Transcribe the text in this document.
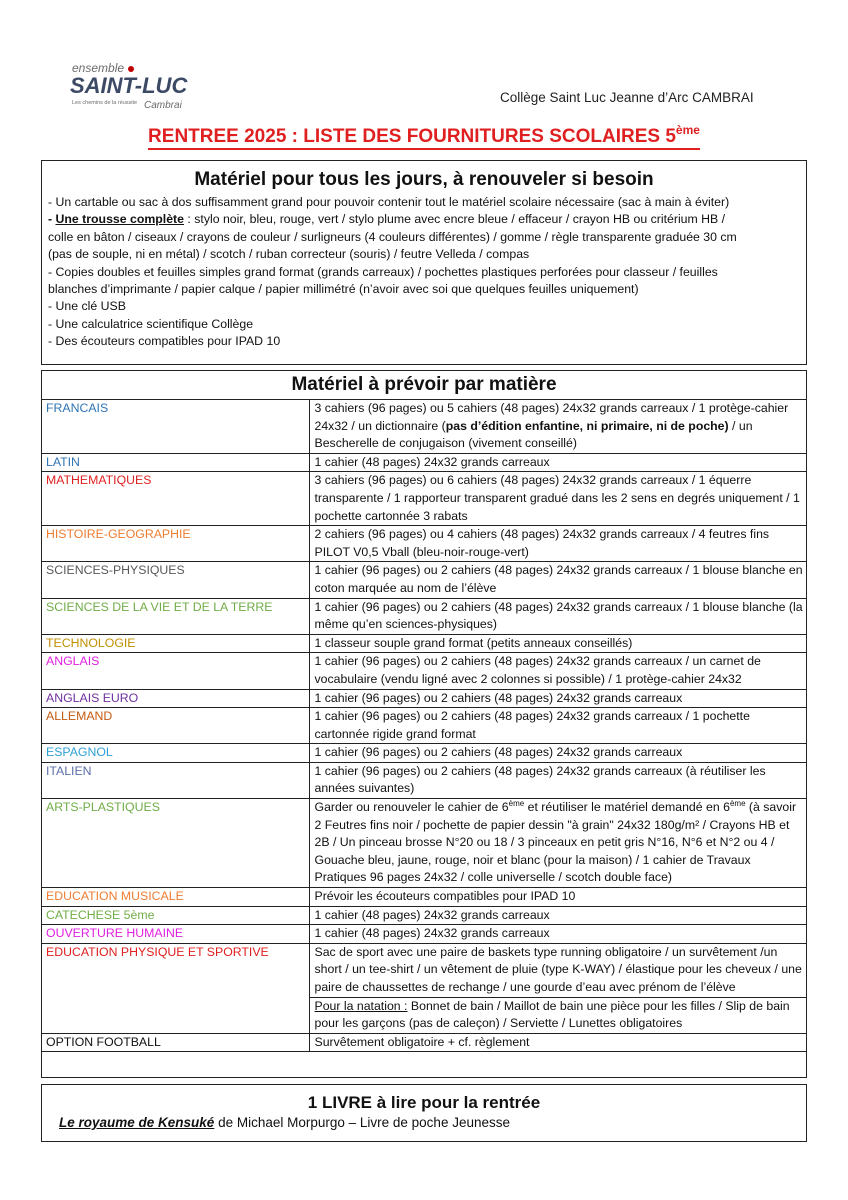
ensemble
SAINT-LUC
Les chemins de la réussite Cambrai
Collège Saint Luc Jeanne d’Arc CAMBRAI
RENTREE 2025 : LISTE DES FOURNITURES SCOLAIRES 5ème
Matériel pour tous les jours, à renouveler si besoin
- Un cartable ou sac à dos suffisamment grand pour pouvoir contenir tout le matériel scolaire nécessaire (sac à main à éviter)
- Une trousse complète : stylo noir, bleu, rouge, vert / stylo plume avec encre bleue / effaceur / crayon HB ou critérium HB /
colle en bâton / ciseaux / crayons de couleur / surligneurs (4 couleurs différentes) / gomme / règle transparente graduée 30 cm
(pas de souple, ni en métal) / scotch / ruban correcteur (souris) / feutre Velleda / compas
- Copies doubles et feuilles simples grand format (grands carreaux) / pochettes plastiques perforées pour classeur / feuilles
blanches d’imprimante / papier calque / papier millimétré (n’avoir avec soi que quelques feuilles uniquement)
- Une clé USB
- Une calculatrice scientifique Collège
- Des écouteurs compatibles pour IPAD 10
Matériel à prévoir par matière
FRANCAIS	3 cahiers (96 pages) ou 5 cahiers (48 pages) 24x32 grands carreaux / 1 protège-cahier 24x32 / un dictionnaire (pas d’édition enfantine, ni primaire, ni de poche) / un Bescherelle de conjugaison (vivement conseillé)
LATIN	1 cahier (48 pages) 24x32 grands carreaux
MATHEMATIQUES	3 cahiers (96 pages) ou 6 cahiers (48 pages) 24x32 grands carreaux / 1 équerre transparente / 1 rapporteur transparent gradué dans les 2 sens en degrés uniquement / 1 pochette cartonnée 3 rabats
HISTOIRE-GEOGRAPHIE	2 cahiers (96 pages) ou 4 cahiers (48 pages) 24x32 grands carreaux / 4 feutres fins PILOT V0,5 Vball (bleu-noir-rouge-vert)
SCIENCES-PHYSIQUES	1 cahier (96 pages) ou 2 cahiers (48 pages) 24x32 grands carreaux / 1 blouse blanche en coton marquée au nom de l’élève
SCIENCES DE LA VIE ET DE LA TERRE	1 cahier (96 pages) ou 2 cahiers (48 pages) 24x32 grands carreaux / 1 blouse blanche (la même qu’en sciences-physiques)
TECHNOLOGIE	1 classeur souple grand format (petits anneaux conseillés)
ANGLAIS	1 cahier (96 pages) ou 2 cahiers (48 pages) 24x32 grands carreaux / un carnet de vocabulaire (vendu ligné avec 2 colonnes si possible) / 1 protège-cahier 24x32
ANGLAIS EURO	1 cahier (96 pages) ou 2 cahiers (48 pages) 24x32 grands carreaux
ALLEMAND	1 cahier (96 pages) ou 2 cahiers (48 pages) 24x32 grands carreaux / 1 pochette cartonnée rigide grand format
ESPAGNOL	1 cahier (96 pages) ou 2 cahiers (48 pages) 24x32 grands carreaux
ITALIEN	1 cahier (96 pages) ou 2 cahiers (48 pages) 24x32 grands carreaux (à réutiliser les années suivantes)
ARTS-PLASTIQUES	Garder ou renouveler le cahier de 6ème et réutiliser le matériel demandé en 6ème (à savoir 2 Feutres fins noir / pochette de papier dessin "à grain" 24x32 180g/m² / Crayons HB et 2B / Un pinceau brosse N°20 ou 18 / 3 pinceaux en petit gris N°16, N°6 et N°2 ou 4 / Gouache bleu, jaune, rouge, noir et blanc (pour la maison) / 1 cahier de Travaux Pratiques 96 pages 24x32 / colle universelle / scotch double face)
EDUCATION MUSICALE	Prévoir les écouteurs compatibles pour IPAD 10
CATECHESE 5ème	1 cahier (48 pages) 24x32 grands carreaux
OUVERTURE HUMAINE	1 cahier (48 pages) 24x32 grands carreaux
EDUCATION PHYSIQUE ET SPORTIVE	Sac de sport avec une paire de baskets type running obligatoire / un survêtement /un short / un tee-shirt / un vêtement de pluie (type K-WAY) / élastique pour les cheveux / une paire de chaussettes de rechange / une gourde d’eau avec prénom de l’élève
Pour la natation : Bonnet de bain / Maillot de bain une pièce pour les filles / Slip de bain pour les garçons (pas de caleçon) / Serviette / Lunettes obligatoires

OPTION FOOTBALL	Survêtement obligatoire + cf. règlement
1 LIVRE à lire pour la rentrée
Le royaume de Kensuké de Michael Morpurgo – Livre de poche Jeunesse
